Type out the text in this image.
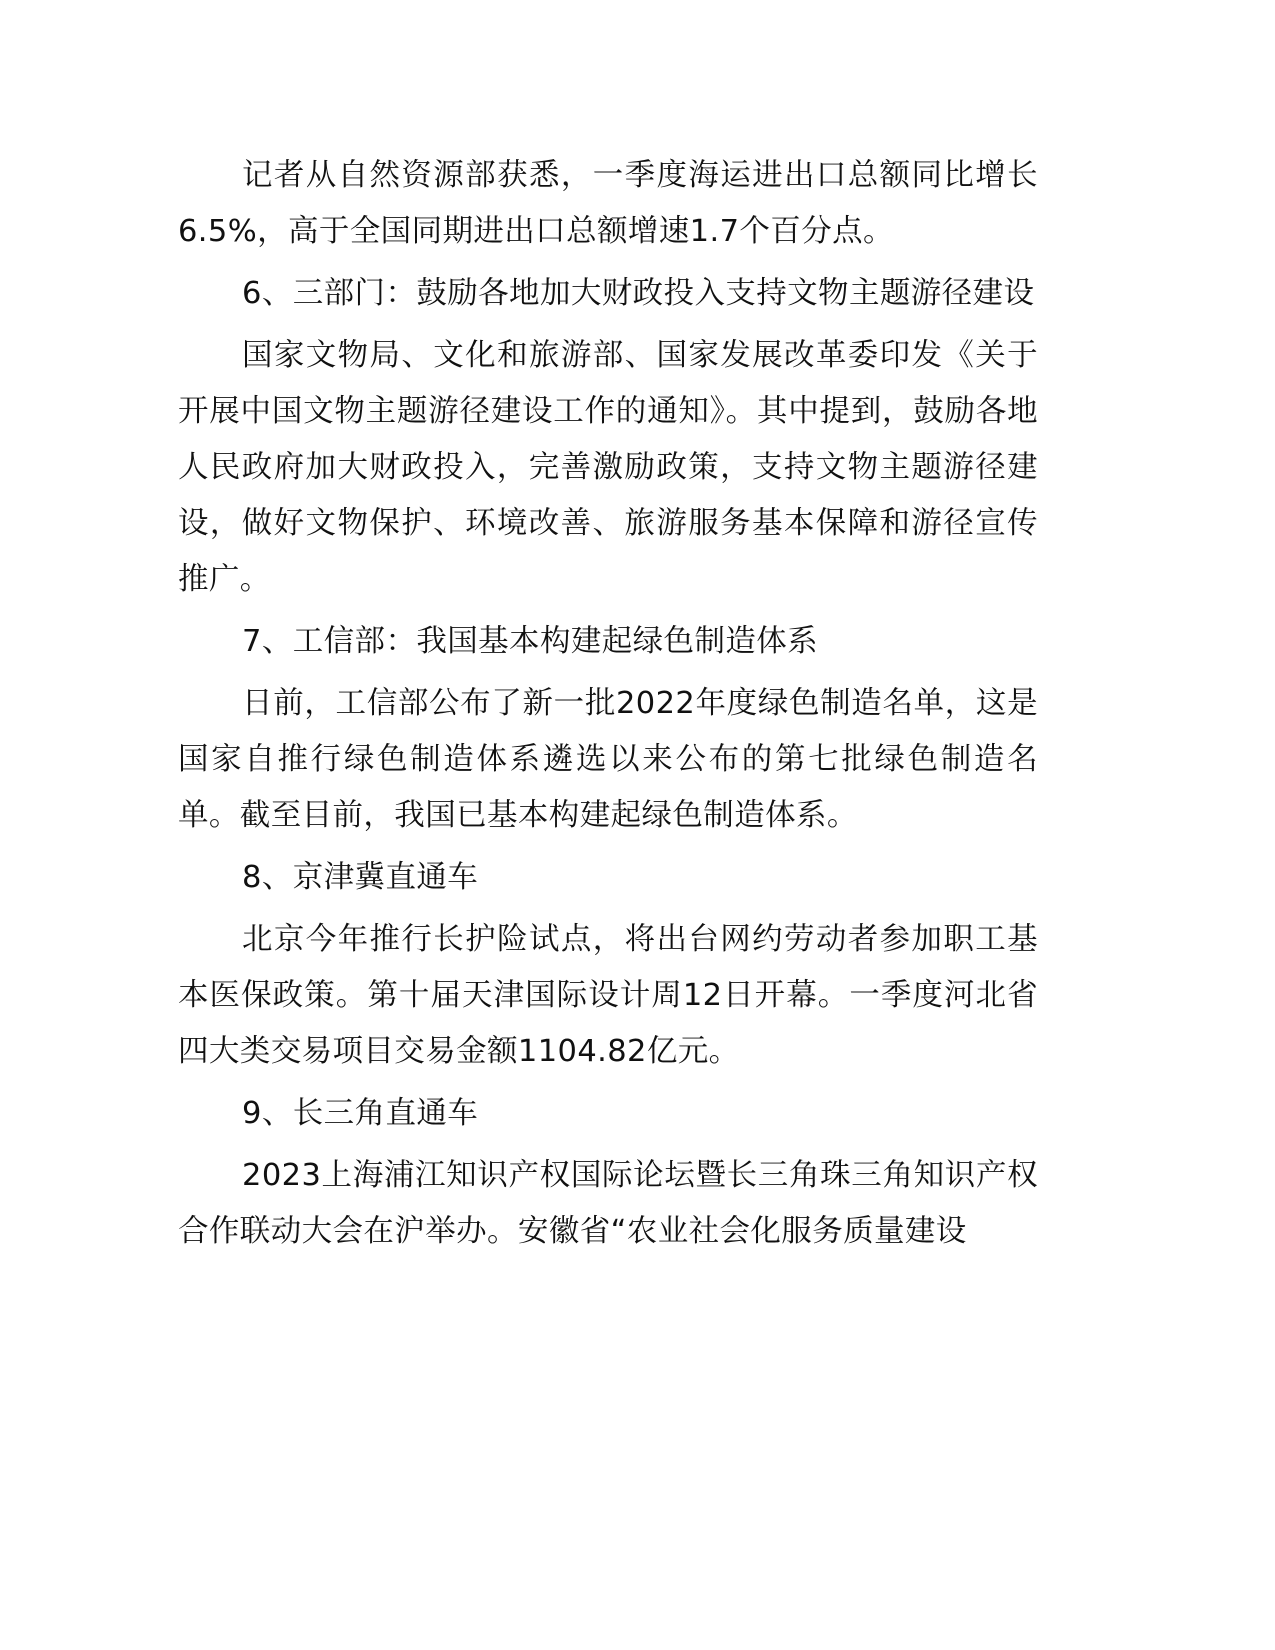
记者从自然资源部获悉，一季度海运进出口总额同比增长6.5%，高于全国同期进出口总额增速1.7个百分点。

6、三部门：鼓励各地加大财政投入支持文物主题游径建设

国家文物局、文化和旅游部、国家发展改革委印发《关于开展中国文物主题游径建设工作的通知》。其中提到，鼓励各地人民政府加大财政投入，完善激励政策，支持文物主题游径建设，做好文物保护、环境改善、旅游服务基本保障和游径宣传推广。

7、工信部：我国基本构建起绿色制造体系

日前，工信部公布了新一批2022年度绿色制造名单，这是国家自推行绿色制造体系遴选以来公布的第七批绿色制造名单。截至目前，我国已基本构建起绿色制造体系。

8、京津冀直通车

北京今年推行长护险试点，将出台网约劳动者参加职工基本医保政策。第十届天津国际设计周12日开幕。一季度河北省四大类交易项目交易金额1104.82亿元。

9、长三角直通车

2023上海浦江知识产权国际论坛暨长三角珠三角知识产权合作联动大会在沪举办。安徽省“农业社会化服务质量建设
